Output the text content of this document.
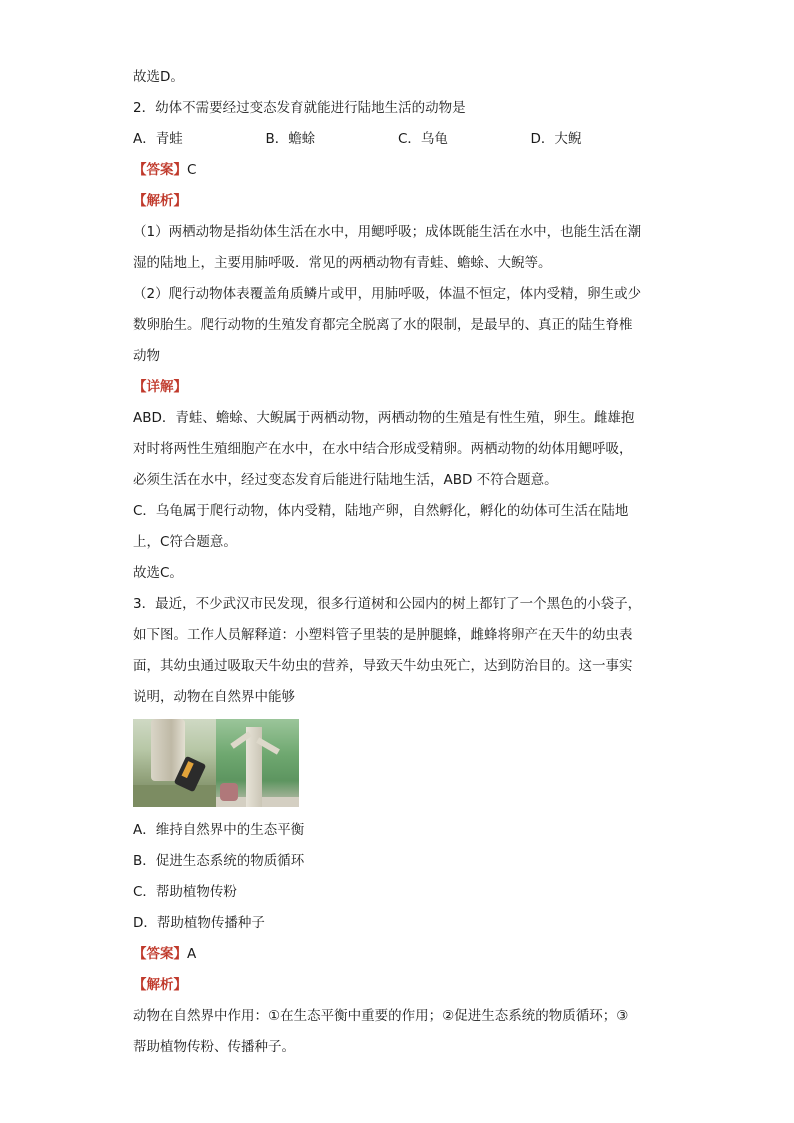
故选D。
2．幼体不需要经过变态发育就能进行陆地生活的动物是
A．青蛙	B．蟾蜍	C．乌龟	D．大鲵
【答案】C
【解析】
（1）两栖动物是指幼体生活在水中，用鳃呼吸；成体既能生活在水中，也能生活在潮
湿的陆地上，主要用肺呼吸．常见的两栖动物有青蛙、蟾蜍、大鲵等。
（2）爬行动物体表覆盖角质鳞片或甲，用肺呼吸，体温不恒定，体内受精，卵生或少
数卵胎生。爬行动物的生殖发育都完全脱离了水的限制，是最早的、真正的陆生脊椎
动物
【详解】
ABD．青蛙、蟾蜍、大鲵属于两栖动物，两栖动物的生殖是有性生殖，卵生。雌雄抱
对时将两性生殖细胞产在水中，在水中结合形成受精卵。两栖动物的幼体用鳃呼吸，
必须生活在水中，经过变态发育后能进行陆地生活，ABD 不符合题意。
C．乌龟属于爬行动物，体内受精，陆地产卵，自然孵化，孵化的幼体可生活在陆地
上，C符合题意。
故选C。
3．最近，不少武汉市民发现，很多行道树和公园内的树上都钉了一个黑色的小袋子，
如下图。工作人员解释道：小塑料管子里装的是肿腿蜂，雌蜂将卵产在天牛的幼虫表
面，其幼虫通过吸取天牛幼虫的营养，导致天牛幼虫死亡，达到防治目的。这一事实
说明，动物在自然界中能够
A．维持自然界中的生态平衡
B．促进生态系统的物质循环
C．帮助植物传粉
D．帮助植物传播种子
【答案】A
【解析】
动物在自然界中作用：①在生态平衡中重要的作用；②促进生态系统的物质循环；③
帮助植物传粉、传播种子。
